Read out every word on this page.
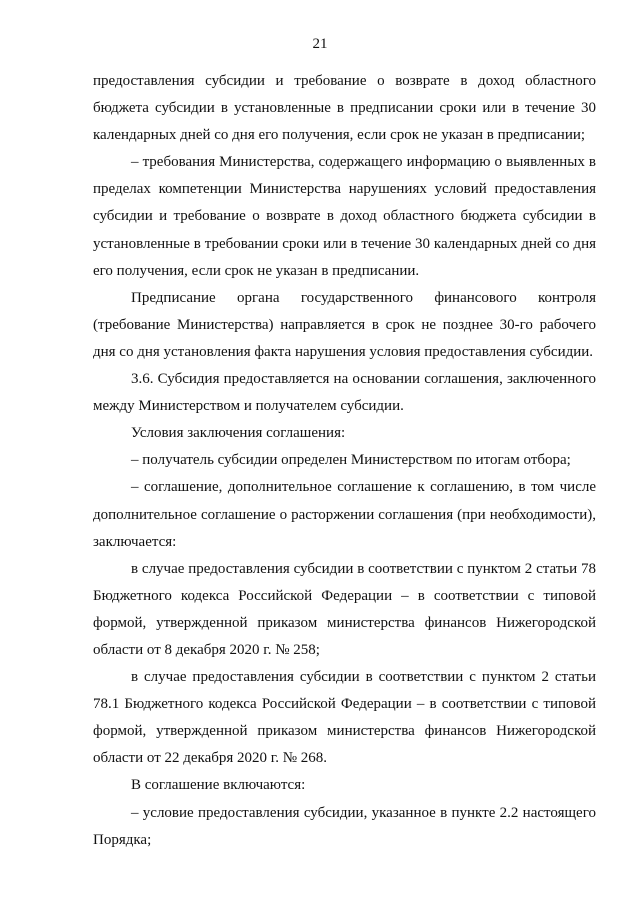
21

предоставления субсидии и требование о возврате в доход областного бюджета субсидии в установленные в предписании сроки или в течение 30 календарных дней со дня его получения, если срок не указан в предписании;

– требования Министерства, содержащего информацию о выявленных в пределах компетенции Министерства нарушениях условий предоставления субсидии и требование о возврате в доход областного бюджета субсидии в установленные в требовании сроки или в течение 30 календарных дней со дня его получения, если срок не указан в предписании.

Предписание органа государственного финансового контроля (требование Министерства) направляется в срок не позднее 30-го рабочего дня со дня установления факта нарушения условия предоставления субсидии.

3.6. Субсидия предоставляется на основании соглашения, заключенного между Министерством и получателем субсидии.

Условия заключения соглашения:

– получатель субсидии определен Министерством по итогам отбора;

– соглашение, дополнительное соглашение к соглашению, в том числе дополнительное соглашение о расторжении соглашения (при необходимости), заключается:

в случае предоставления субсидии в соответствии с пунктом 2 статьи 78 Бюджетного кодекса Российской Федерации – в соответствии с типовой формой, утвержденной приказом министерства финансов Нижегородской области от 8 декабря 2020 г. № 258;

в случае предоставления субсидии в соответствии с пунктом 2 статьи 78.1 Бюджетного кодекса Российской Федерации – в соответствии с типовой формой, утвержденной приказом министерства финансов Нижегородской области от 22 декабря 2020 г. № 268.

В соглашение включаются:

– условие предоставления субсидии, указанное в пункте 2.2 настоящего Порядка;
